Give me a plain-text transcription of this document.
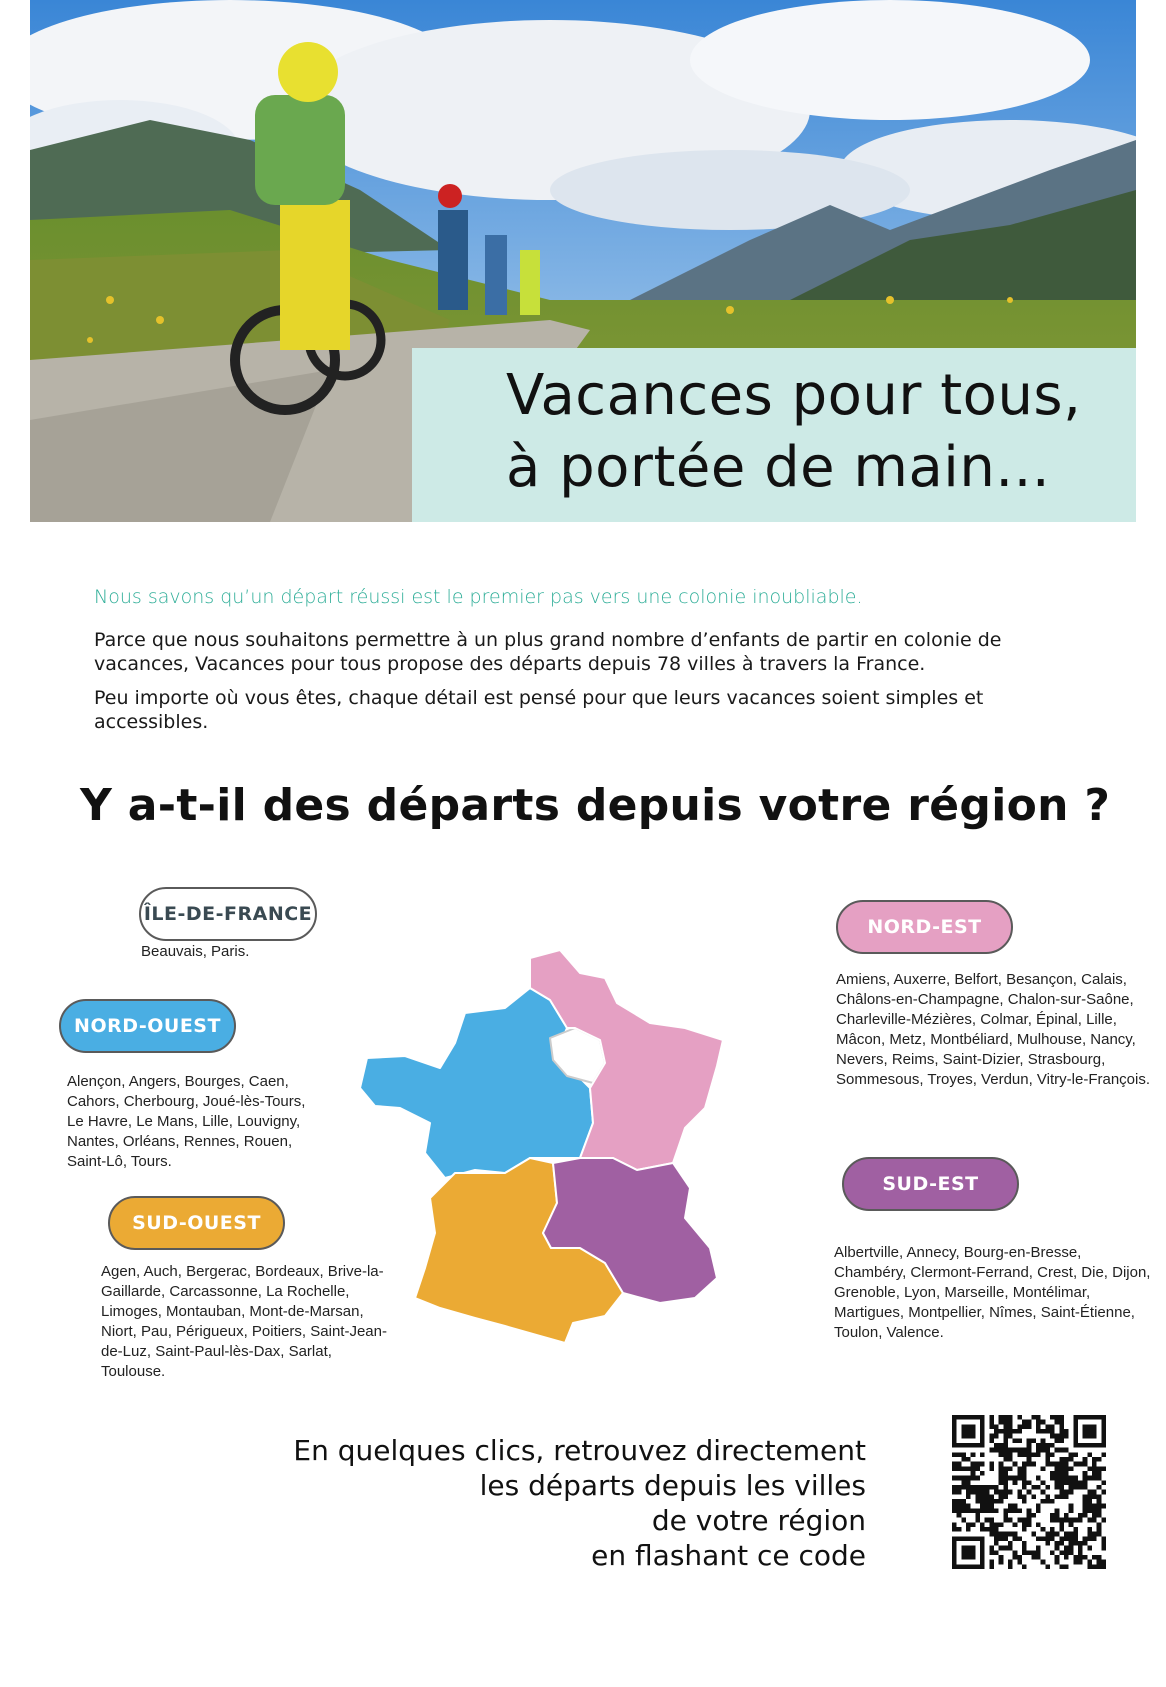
Vacances pour tous,
à portée de main...

Nous savons qu’un départ réussi est le premier pas vers une colonie inoubliable.

Parce que nous souhaitons permettre à un plus grand nombre d’enfants de partir en colonie de vacances, Vacances pour tous propose des départs depuis 78 villes à travers la France.

Peu importe où vous êtes, chaque détail est pensé pour que leurs vacances soient simples et accessibles.

Y a-t-il des départs depuis votre région ?
ÎLE-DE-FRANCE
Beauvais, Paris.
NORD-OUEST
Alençon, Angers, Bourges, Caen, Cahors, Cherbourg, Joué-lès-Tours, Le Havre, Le Mans, Lille, Louvigny, Nantes, Orléans, Rennes, Rouen, Saint-Lô, Tours.
SUD-OUEST
Agen, Auch, Bergerac, Bordeaux, Brive-la-Gaillarde, Carcassonne, La Rochelle, Limoges, Montauban, Mont-de-Marsan, Niort, Pau, Périgueux, Poitiers, Saint-Jean-de-Luz, Saint-Paul-lès-Dax, Sarlat, Toulouse.
NORD-EST
Amiens, Auxerre, Belfort, Besançon, Calais, Châlons-en-Champagne, Chalon-sur-Saône, Charleville-Mézières, Colmar, Épinal, Lille, Mâcon, Metz, Montbéliard, Mulhouse, Nancy, Nevers, Reims, Saint-Dizier, Strasbourg, Sommesous, Troyes, Verdun, Vitry-le-François.
SUD-EST
Albertville, Annecy, Bourg-en-Bresse, Chambéry, Clermont-Ferrand, Crest, Die, Dijon, Grenoble, Lyon, Marseille, Montélimar, Martigues, Montpellier, Nîmes, Saint-Étienne, Toulon, Valence.
En quelques clics, retrouvez directement
les départs depuis les villes
de votre région
en flashant ce code
